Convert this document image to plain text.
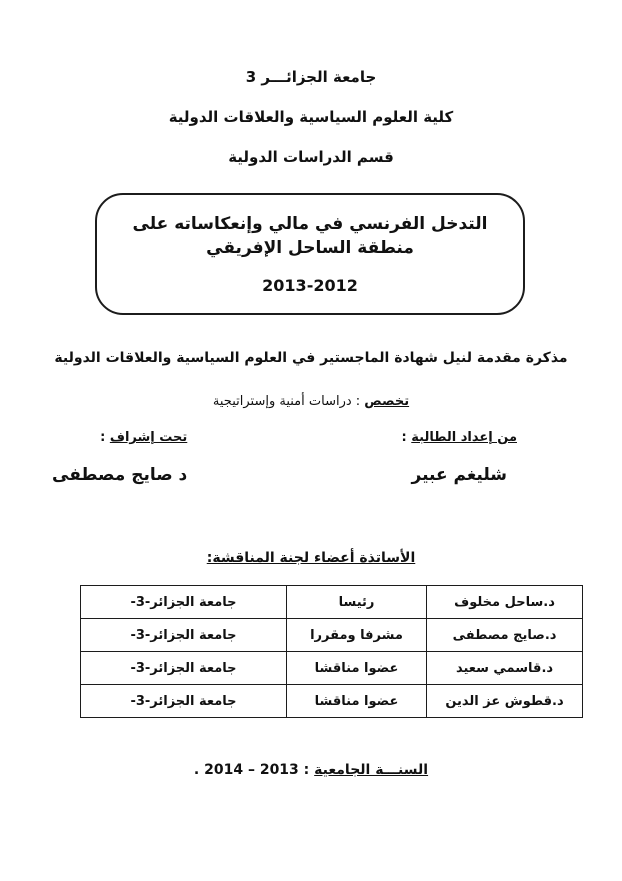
جامعة الجزائـــر 3
كلية العلوم السياسية والعلاقات الدولية
قسم الدراسات الدولية
التدخل الفرنسي في مالي وإنعكاساته على منطقة الساحل الإفريقي
2013-2012
مذكرة مقدمة لنيل شهادة الماجستير في العلوم السياسية والعلاقات الدولية
تخصص : دراسات أمنية وإستراتيجية
من إعداد الطالبة :
شليغم عبير
تحت إشراف :
د صايج مصطفى
الأساتذة أعضاء لجنة المناقشة:
د.ساحل مخلوف	رئيسا	جامعة الجزائر-3-
د.صايج مصطفى	مشرفا ومقررا	جامعة الجزائر-3-
د.قاسمي سعيد	عضوا مناقشا	جامعة الجزائر-3-
د.قطوش عز الدين	عضوا مناقشا	جامعة الجزائر-3-
السنـــة الجامعية : 2013 – 2014 .
